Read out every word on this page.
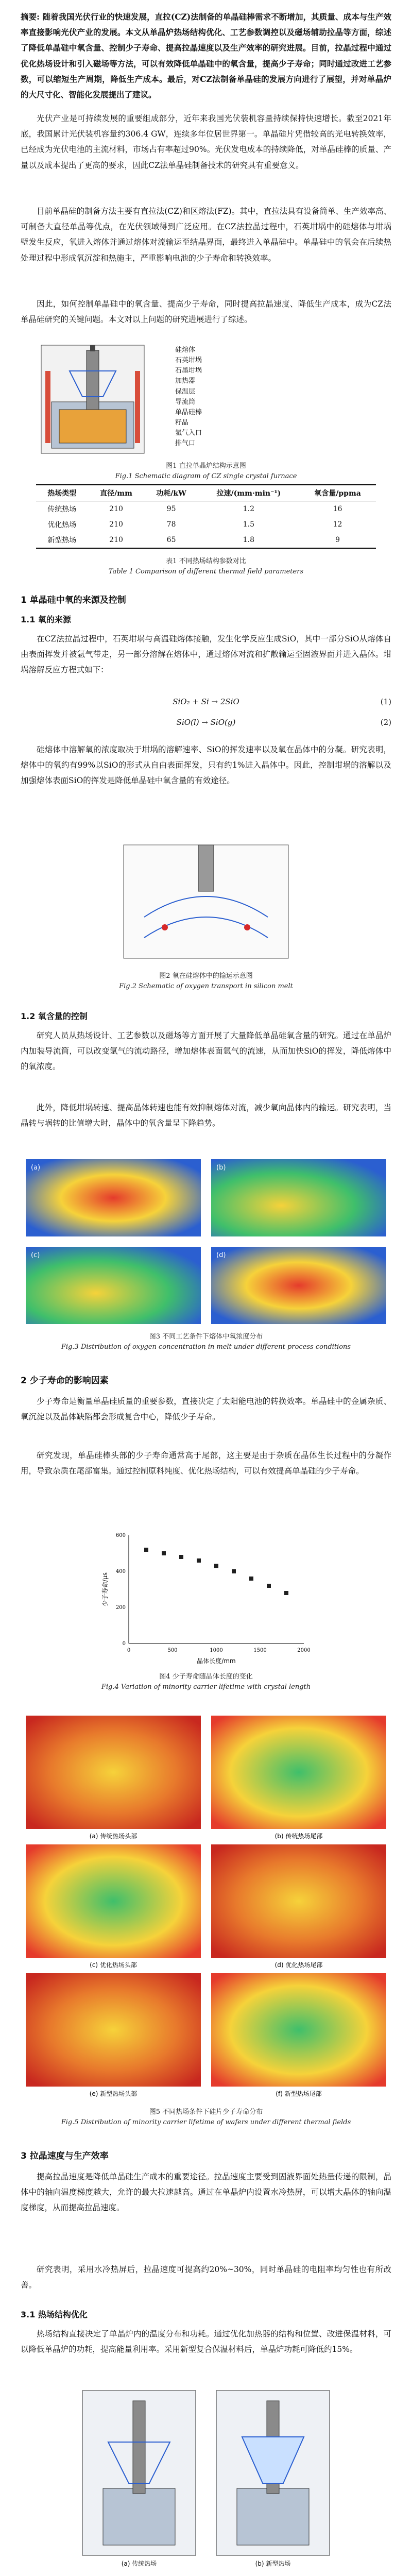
摘要: 随着我国光伏行业的快速发展，直拉(CZ)法制备的单晶硅棒需求不断增加，其质量、成本与生产效率直接影响光伏产业的发展。本文从单晶炉热场结构优化、工艺参数调控以及磁场辅助拉晶等方面，综述了降低单晶硅中氧含量、控制少子寿命、提高拉晶速度以及生产效率的研究进展。目前，拉晶过程中通过优化热场设计和引入磁场等方法，可以有效降低单晶硅中的氧含量，提高少子寿命；同时通过改进工艺参数，可以缩短生产周期，降低生产成本。最后，对CZ法制备单晶硅的发展方向进行了展望，并对单晶炉的大尺寸化、智能化发展提出了建议。
光伏产业是可持续发展的重要组成部分，近年来我国光伏装机容量持续保持快速增长。截至2021年底，我国累计光伏装机容量约306.4 GW，连续多年位居世界第一。单晶硅片凭借较高的光电转换效率，已经成为光伏电池的主流材料，市场占有率超过90%。光伏发电成本的持续降低，对单晶硅棒的质量、产量以及成本提出了更高的要求，因此CZ法单晶硅制备技术的研究具有重要意义。
目前单晶硅的制备方法主要有直拉法(CZ)和区熔法(FZ)。其中，直拉法具有设备简单、生产效率高、可制备大直径单晶等优点，在光伏领域得到广泛应用。在CZ法拉晶过程中，石英坩埚中的硅熔体与坩埚壁发生反应，氧进入熔体并通过熔体对流输运至结晶界面，最终进入单晶硅中。单晶硅中的氧会在后续热处理过程中形成氧沉淀和热施主，严重影响电池的少子寿命和转换效率。
因此，如何控制单晶硅中的氧含量、提高少子寿命，同时提高拉晶速度、降低生产成本，成为CZ法单晶硅研究的关键问题。本文对以上问题的研究进展进行了综述。
硅熔体
石英坩埚
石墨坩埚
加热器
保温层
导流筒
单晶硅棒
籽晶
氩气入口
排气口
图1 直拉单晶炉结构示意图
Fig.1 Schematic diagram of CZ single crystal furnace
热场类型	直径/mm	功耗/kW	拉速/(mm·min⁻¹)	氧含量/ppma
传统热场	210	95	1.2	16
优化热场	210	78	1.5	12
新型热场	210	65	1.8	9
表1 不同热场结构参数对比
Table 1 Comparison of different thermal field parameters
1 单晶硅中氧的来源及控制
1.1 氧的来源
在CZ法拉晶过程中，石英坩埚与高温硅熔体接触，发生化学反应生成SiO，其中一部分SiO从熔体自由表面挥发并被氩气带走，另一部分溶解在熔体中，通过熔体对流和扩散输运至固液界面并进入晶体。坩埚溶解反应方程式如下：
SiO₂ + Si → 2SiO	(1)
SiO(l) → SiO(g)	(2)
硅熔体中溶解氧的浓度取决于坩埚的溶解速率、SiO的挥发速率以及氧在晶体中的分凝。研究表明，熔体中的氧约有99%以SiO的形式从自由表面挥发，只有约1%进入晶体中。因此，控制坩埚的溶解以及加强熔体表面SiO的挥发是降低单晶硅中氧含量的有效途径。
图2 氧在硅熔体中的输运示意图
Fig.2 Schematic of oxygen transport in silicon melt
1.2 氧含量的控制
研究人员从热场设计、工艺参数以及磁场等方面开展了大量降低单晶硅氧含量的研究。通过在单晶炉内加装导流筒，可以改变氩气的流动路径，增加熔体表面氩气的流速，从而加快SiO的挥发，降低熔体中的氧浓度。
此外，降低坩埚转速、提高晶体转速也能有效抑制熔体对流，减少氧向晶体内的输运。研究表明，当晶转与埚转的比值增大时，晶体中的氧含量呈下降趋势。
(a)	(b)
(c)	(d)
图3 不同工艺条件下熔体中氧浓度分布
Fig.3 Distribution of oxygen concentration in melt under different process conditions
2 少子寿命的影响因素
少子寿命是衡量单晶硅质量的重要参数，直接决定了太阳能电池的转换效率。单晶硅中的金属杂质、氧沉淀以及晶体缺陷都会形成复合中心，降低少子寿命。
研究发现，单晶硅棒头部的少子寿命通常高于尾部，这主要是由于杂质在晶体生长过程中的分凝作用，导致杂质在尾部富集。通过控制原料纯度、优化热场结构，可以有效提高单晶硅的少子寿命。
晶体长度/mm
少子寿命/μs
0	500	1000	1500	2000
0
200
400
600
图4 少子寿命随晶体长度的变化
Fig.4 Variation of minority carrier lifetime with crystal length
(a) 传统热场头部	(b) 传统热场尾部
(c) 优化热场头部	(d) 优化热场尾部
(e) 新型热场头部	(f) 新型热场尾部
图5 不同热场条件下硅片少子寿命分布
Fig.5 Distribution of minority carrier lifetime of wafers under different thermal fields
3 拉晶速度与生产效率
提高拉晶速度是降低单晶硅生产成本的重要途径。拉晶速度主要受到固液界面处热量传递的限制，晶体中的轴向温度梯度越大，允许的最大拉速越高。通过在单晶炉内设置水冷热屏，可以增大晶体的轴向温度梯度，从而提高拉晶速度。
研究表明，采用水冷热屏后，拉晶速度可提高约20%~30%，同时单晶硅的电阻率均匀性也有所改善。
3.1 热场结构优化
热场结构直接决定了单晶炉内的温度分布和功耗。通过优化加热器的结构和位置、改进保温材料，可以降低单晶炉的功耗，提高能量利用率。采用新型复合保温材料后，单晶炉功耗可降低约15%。
(a) 传统热场	(b) 新型热场
